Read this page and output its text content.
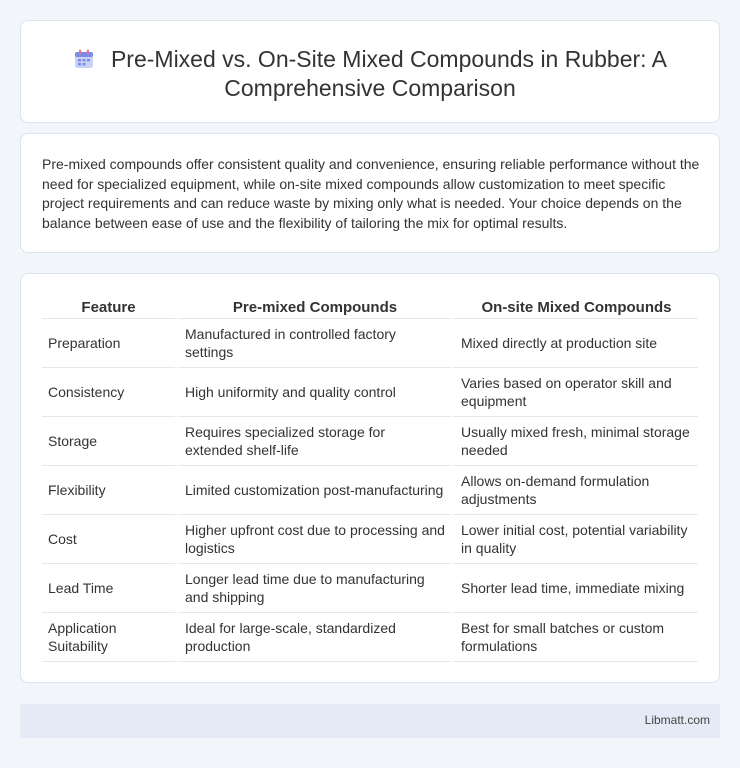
Pre-Mixed vs. On-Site Mixed Compounds in Rubber: A Comprehensive Comparison

Pre-mixed compounds offer consistent quality and convenience, ensuring reliable performance without the need for specialized equipment, while on-site mixed compounds allow customization to meet specific project requirements and can reduce waste by mixing only what is needed. Your choice depends on the balance between ease of use and the flexibility of tailoring the mix for optimal results.

Feature	Pre-mixed Compounds	On-site Mixed Compounds
Preparation	Manufactured in controlled factory settings	Mixed directly at production site
Consistency	High uniformity and quality control	Varies based on operator skill and equipment
Storage	Requires specialized storage for extended shelf-life	Usually mixed fresh, minimal storage needed
Flexibility	Limited customization post-manufacturing	Allows on-demand formulation adjustments
Cost	Higher upfront cost due to processing and logistics	Lower initial cost, potential variability in quality
Lead Time	Longer lead time due to manufacturing and shipping	Shorter lead time, immediate mixing
Application Suitability	Ideal for large-scale, standardized production	Best for small batches or custom formulations
Libmatt.com
